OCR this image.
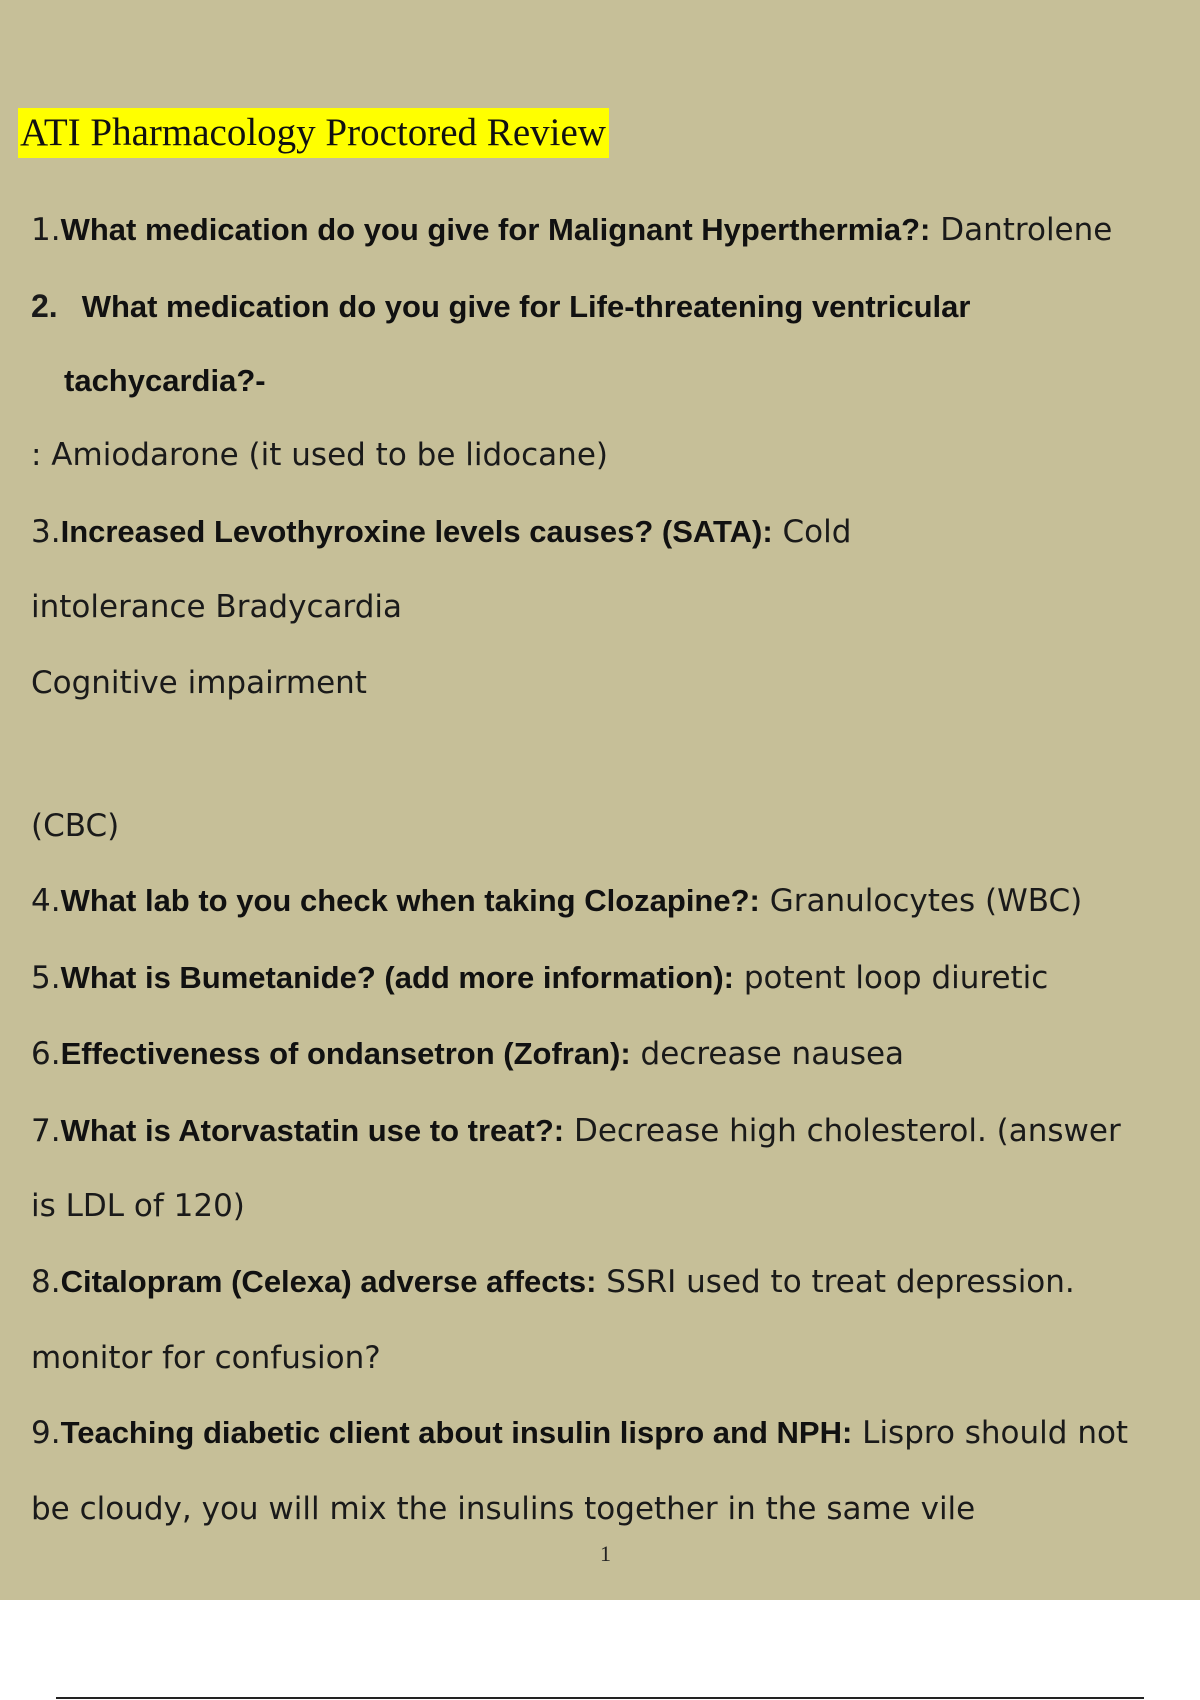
ATI Pharmacology Proctored Review
1.What medication do you give for Malignant Hyperthermia?: Dantrolene
2. What medication do you give for Life-threatening ventricular
tachycardia?-
: Amiodarone (it used to be lidocane)
3.Increased Levothyroxine levels causes? (SATA): Cold
intolerance Bradycardia
Cognitive impairment
(CBC)
4.What lab to you check when taking Clozapine?: Granulocytes (WBC)
5.What is Bumetanide? (add more information): potent loop diuretic
6.Effectiveness of ondansetron (Zofran): decrease nausea
7.What is Atorvastatin use to treat?: Decrease high cholesterol. (answer
is LDL of 120)
8.Citalopram (Celexa) adverse affects: SSRI used to treat depression.
monitor for confusion?
9.Teaching diabetic client about insulin lispro and NPH: Lispro should not
be cloudy, you will mix the insulins together in the same vile
1
